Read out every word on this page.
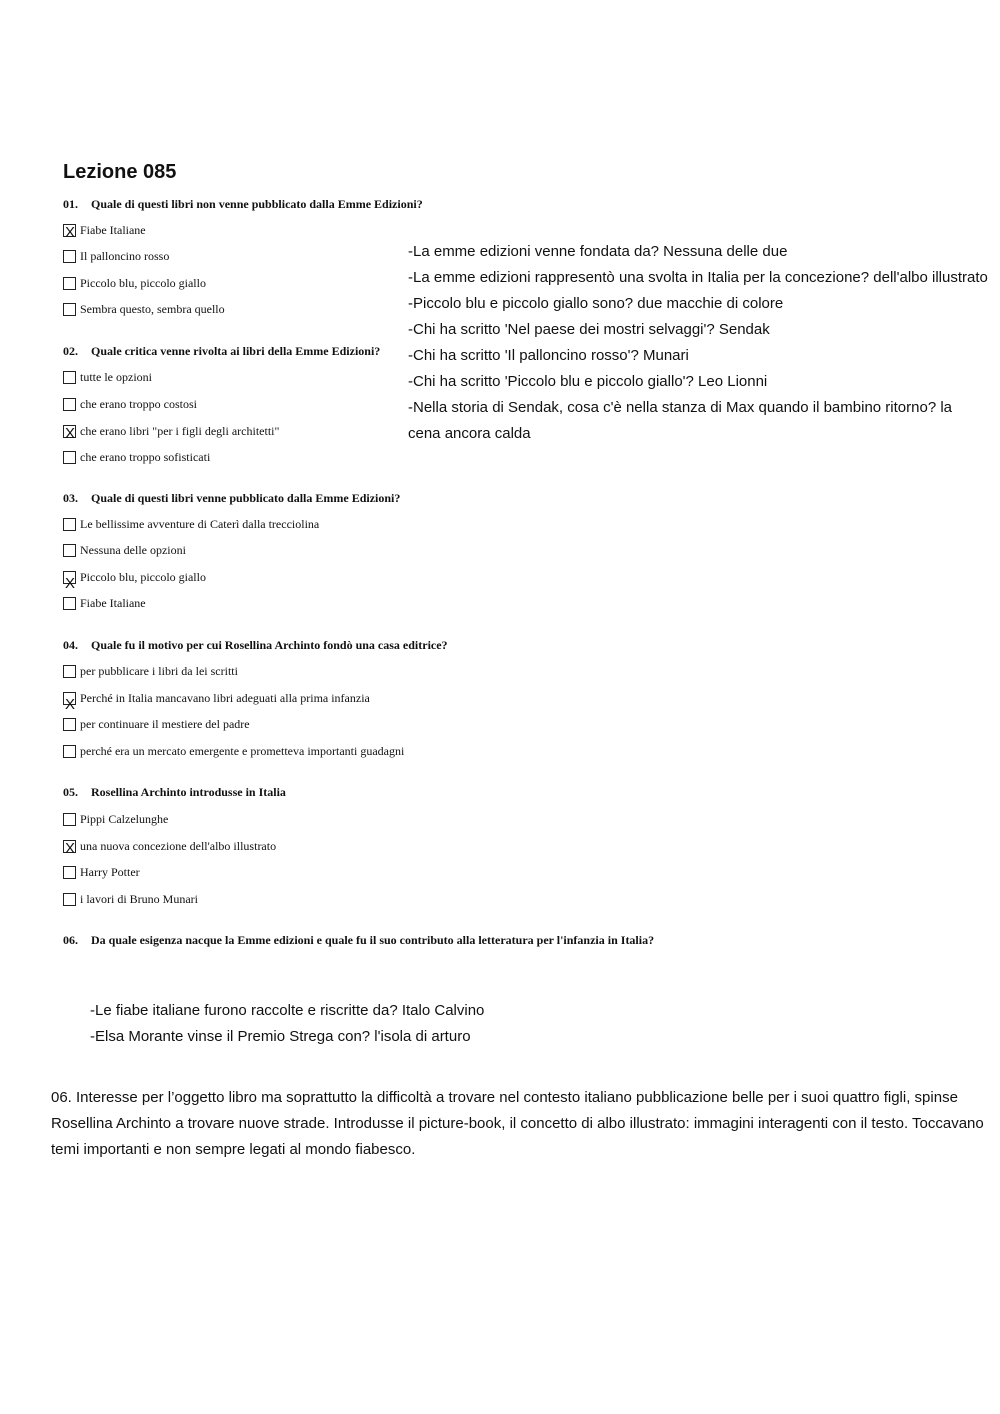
Lezione 085
01. Quale di questi libri non venne pubblicato dalla Emme Edizioni?
X
Fiabe Italiane
Il palloncino rosso
Piccolo blu, piccolo giallo
Sembra questo, sembra quello
02. Quale critica venne rivolta ai libri della Emme Edizioni?
tutte le opzioni
che erano troppo costosi
X
che erano libri "per i figli degli architetti"
che erano troppo sofisticati
03. Quale di questi libri venne pubblicato dalla Emme Edizioni?
Le bellissime avventure di Caterì dalla trecciolina
Nessuna delle opzioni
X
Piccolo blu, piccolo giallo
Fiabe Italiane
04. Quale fu il motivo per cui Rosellina Archinto fondò una casa editrice?
per pubblicare i libri da lei scritti
X
Perché in Italia mancavano libri adeguati alla prima infanzia
per continuare il mestiere del padre
perché era un mercato emergente e prometteva importanti guadagni
05. Rosellina Archinto introdusse in Italia
Pippi Calzelunghe
X
una nuova concezione dell'albo illustrato
Harry Potter
i lavori di Bruno Munari
06. Da quale esigenza nacque la Emme edizioni e quale fu il suo contributo alla letteratura per l'infanzia in Italia?

-La emme edizioni venne fondata da? Nessuna delle due

-La emme edizioni rappresentò una svolta in Italia per la concezione? dell'albo illustrato

-Piccolo blu e piccolo giallo sono? due macchie di colore

-Chi ha scritto 'Nel paese dei mostri selvaggi'? Sendak

-Chi ha scritto 'Il palloncino rosso'? Munari

-Chi ha scritto 'Piccolo blu e piccolo giallo'? Leo Lionni

-Nella storia di Sendak, cosa c'è nella stanza di Max quando il bambino ritorno? la cena ancora calda

-Le fiabe italiane furono raccolte e riscritte da? Italo Calvino

-Elsa Morante vinse il Premio Strega con? l'isola di arturo

06. Interesse per l’oggetto libro ma soprattutto la difficoltà a trovare nel contesto italiano pubblicazione belle per i suoi quattro figli, spinse Rosellina Archinto a trovare nuove strade. Introdusse il picture-book, il concetto di albo illustrato: immagini interagenti con il testo. Toccavano temi importanti e non sempre legati al mondo fiabesco.
